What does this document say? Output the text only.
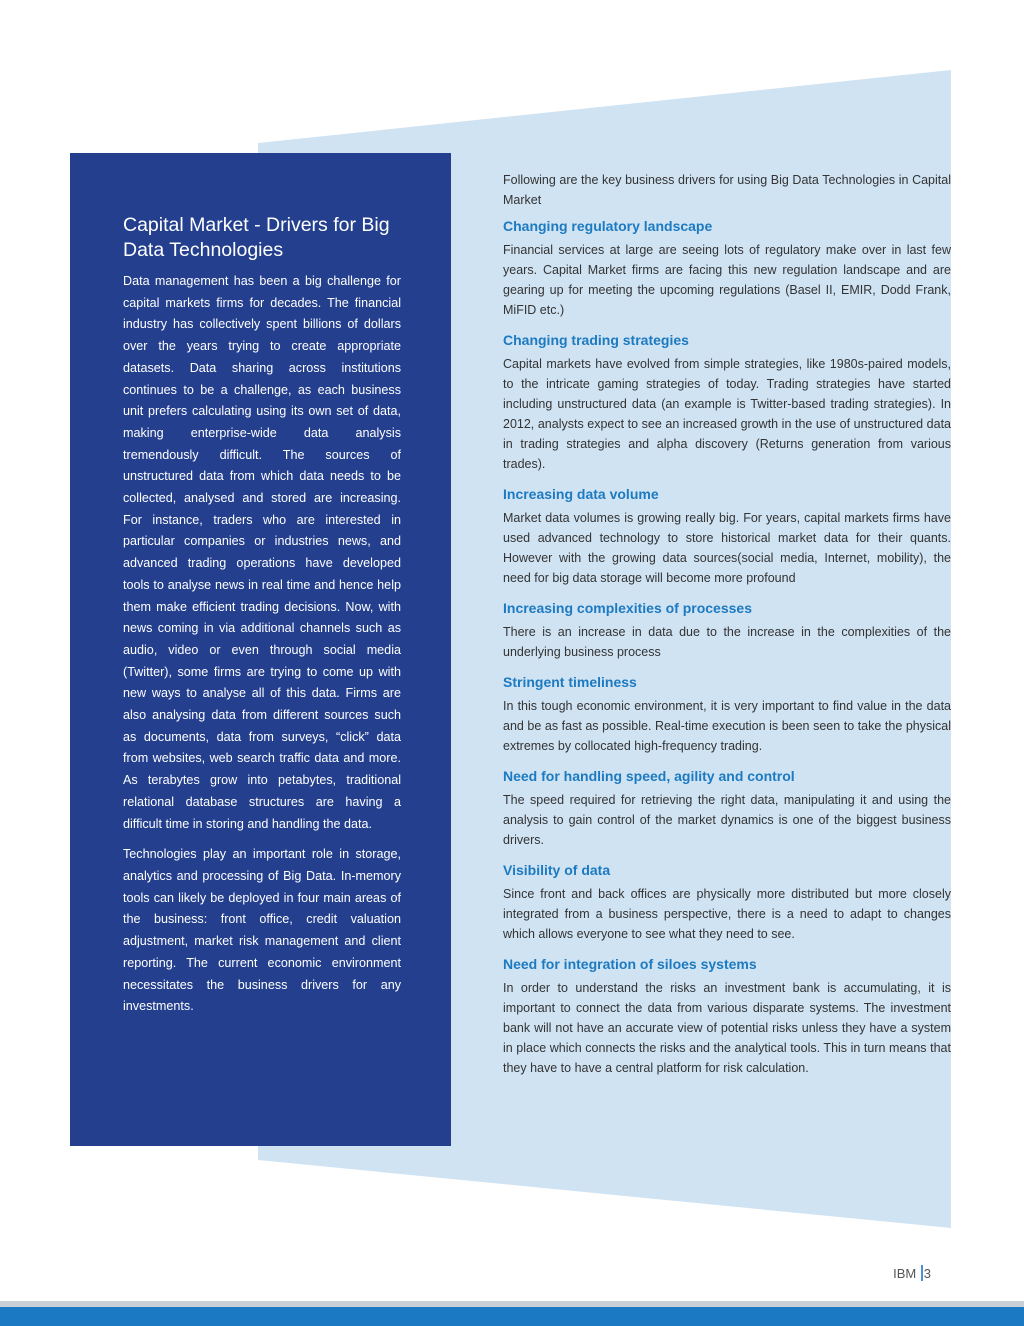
Capital Market - Drivers for Big Data Technologies

Data management has been a big challenge for capital markets firms for decades. The financial industry has collectively spent billions of dollars over the years trying to create appropriate datasets. Data sharing across institutions continues to be a challenge, as each business unit prefers calculating using its own set of data, making enterprise-wide data analysis tremendously difficult. The sources of unstructured data from which data needs to be collected, analysed and stored are increasing. For instance, traders who are interested in particular companies or industries news, and advanced trading operations have developed tools to analyse news in real time and hence help them make efficient trading decisions. Now, with news coming in via additional channels such as audio, video or even through social media (Twitter), some firms are trying to come up with new ways to analyse all of this data. Firms are also analysing data from different sources such as documents, data from surveys, “click” data from websites, web search traffic data and more. As terabytes grow into petabytes, traditional relational database structures are having a difficult time in storing and handling the data.

Technologies play an important role in storage, analytics and processing of Big Data. In-memory tools can likely be deployed in four main areas of the business: front office, credit valuation adjustment, market risk management and client reporting. The current economic environment necessitates the business drivers for any investments.

Following are the key business drivers for using Big Data Technologies in Capital Market

Changing regulatory landscape

Financial services at large are seeing lots of regulatory make over in last few years. Capital Market firms are facing this new regulation landscape and are gearing up for meeting the upcoming regulations (Basel II, EMIR, Dodd Frank, MiFID etc.)

Changing trading strategies

Capital markets have evolved from simple strategies, like 1980s-paired models, to the intricate gaming strategies of today. Trading strategies have started including unstructured data (an example is Twitter-based trading strategies). In 2012, analysts expect to see an increased growth in the use of unstructured data in trading strategies and alpha discovery (Returns generation from various trades).

Increasing data volume

Market data volumes is growing really big. For years, capital markets firms have used advanced technology to store historical market data for their quants. However with the growing data sources(social media, Internet, mobility), the need for big data storage will become more profound

Increasing complexities of processes

There is an increase in data due to the increase in the complexities of the underlying business process

Stringent timeliness

In this tough economic environment, it is very important to find value in the data and be as fast as possible. Real-time execution is been seen to take the physical extremes by collocated high-frequency trading.

Need for handling speed, agility and control

The speed required for retrieving the right data, manipulating it and using the analysis to gain control of the market dynamics is one of the biggest business drivers.

Visibility of data

Since front and back offices are physically more distributed but more closely integrated from a business perspective, there is a need to adapt to changes which allows everyone to see what they need to see.

Need for integration of siloes systems

In order to understand the risks an investment bank is accumulating, it is important to connect the data from various disparate systems. The investment bank will not have an accurate view of potential risks unless they have a system in place which connects the risks and the analytical tools. This in turn means that they have to have a central platform for risk calculation.

IBM 3
